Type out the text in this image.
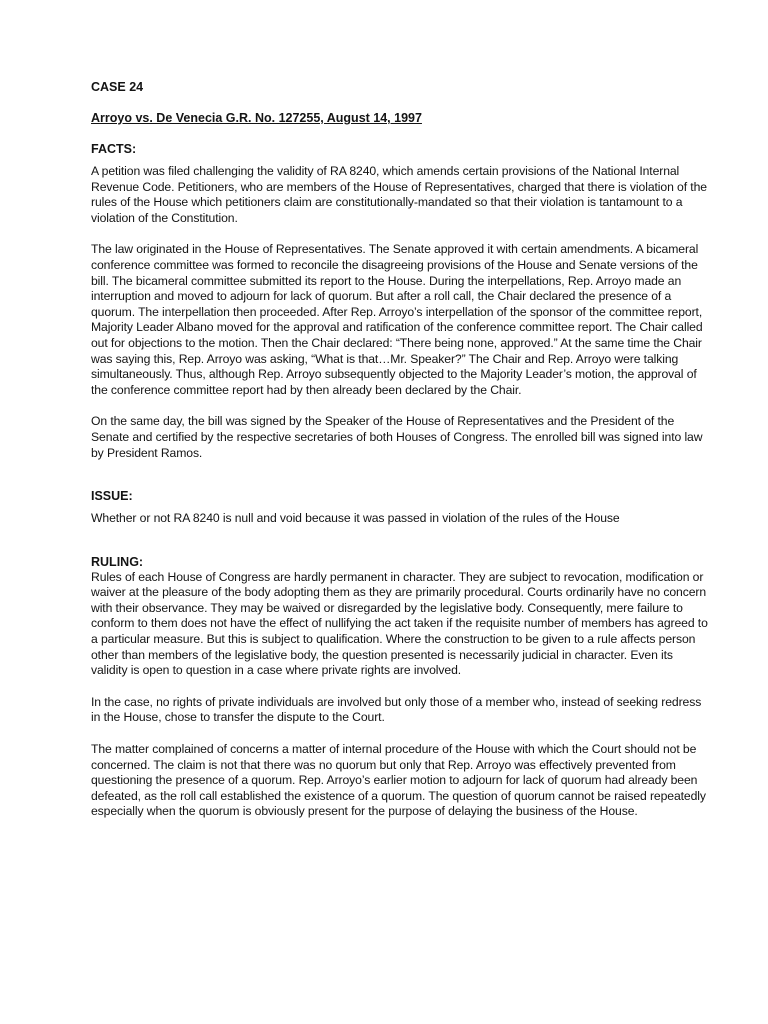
CASE 24

Arroyo vs. De Venecia G.R. No. 127255, August 14, 1997

FACTS:

A petition was filed challenging the validity of RA 8240, which amends certain provisions of the National Internal Revenue Code. Petitioners, who are members of the House of Representatives, charged that there is violation of the rules of the House which petitioners claim are constitutionally-mandated so that their violation is tantamount to a violation of the Constitution.

The law originated in the House of Representatives. The Senate approved it with certain amendments. A bicameral conference committee was formed to reconcile the disagreeing provisions of the House and Senate versions of the bill. The bicameral committee submitted its report to the House. During the interpellations, Rep. Arroyo made an interruption and moved to adjourn for lack of quorum. But after a roll call, the Chair declared the presence of a quorum. The interpellation then proceeded. After Rep. Arroyo’s interpellation of the sponsor of the committee report, Majority Leader Albano moved for the approval and ratification of the conference committee report. The Chair called out for objections to the motion. Then the Chair declared: “There being none, approved.” At the same time the Chair was saying this, Rep. Arroyo was asking, “What is that…Mr. Speaker?” The Chair and Rep. Arroyo were talking simultaneously. Thus, although Rep. Arroyo subsequently objected to the Majority Leader’s motion, the approval of the conference committee report had by then already been declared by the Chair.

On the same day, the bill was signed by the Speaker of the House of Representatives and the President of the Senate and certified by the respective secretaries of both Houses of Congress. The enrolled bill was signed into law by President Ramos.

ISSUE:

Whether or not RA 8240 is null and void because it was passed in violation of the rules of the House

RULING:

Rules of each House of Congress are hardly permanent in character. They are subject to revocation, modification or waiver at the pleasure of the body adopting them as they are primarily procedural. Courts ordinarily have no concern with their observance. They may be waived or disregarded by the legislative body. Consequently, mere failure to conform to them does not have the effect of nullifying the act taken if the requisite number of members has agreed to a particular measure. But this is subject to qualification. Where the construction to be given to a rule affects person other than members of the legislative body, the question presented is necessarily judicial in character. Even its validity is open to question in a case where private rights are involved.

In the case, no rights of private individuals are involved but only those of a member who, instead of seeking redress in the House, chose to transfer the dispute to the Court.

The matter complained of concerns a matter of internal procedure of the House with which the Court should not be concerned. The claim is not that there was no quorum but only that Rep. Arroyo was effectively prevented from questioning the presence of a quorum. Rep. Arroyo’s earlier motion to adjourn for lack of quorum had already been defeated, as the roll call established the existence of a quorum. The question of quorum cannot be raised repeatedly especially when the quorum is obviously present for the purpose of delaying the business of the House.
